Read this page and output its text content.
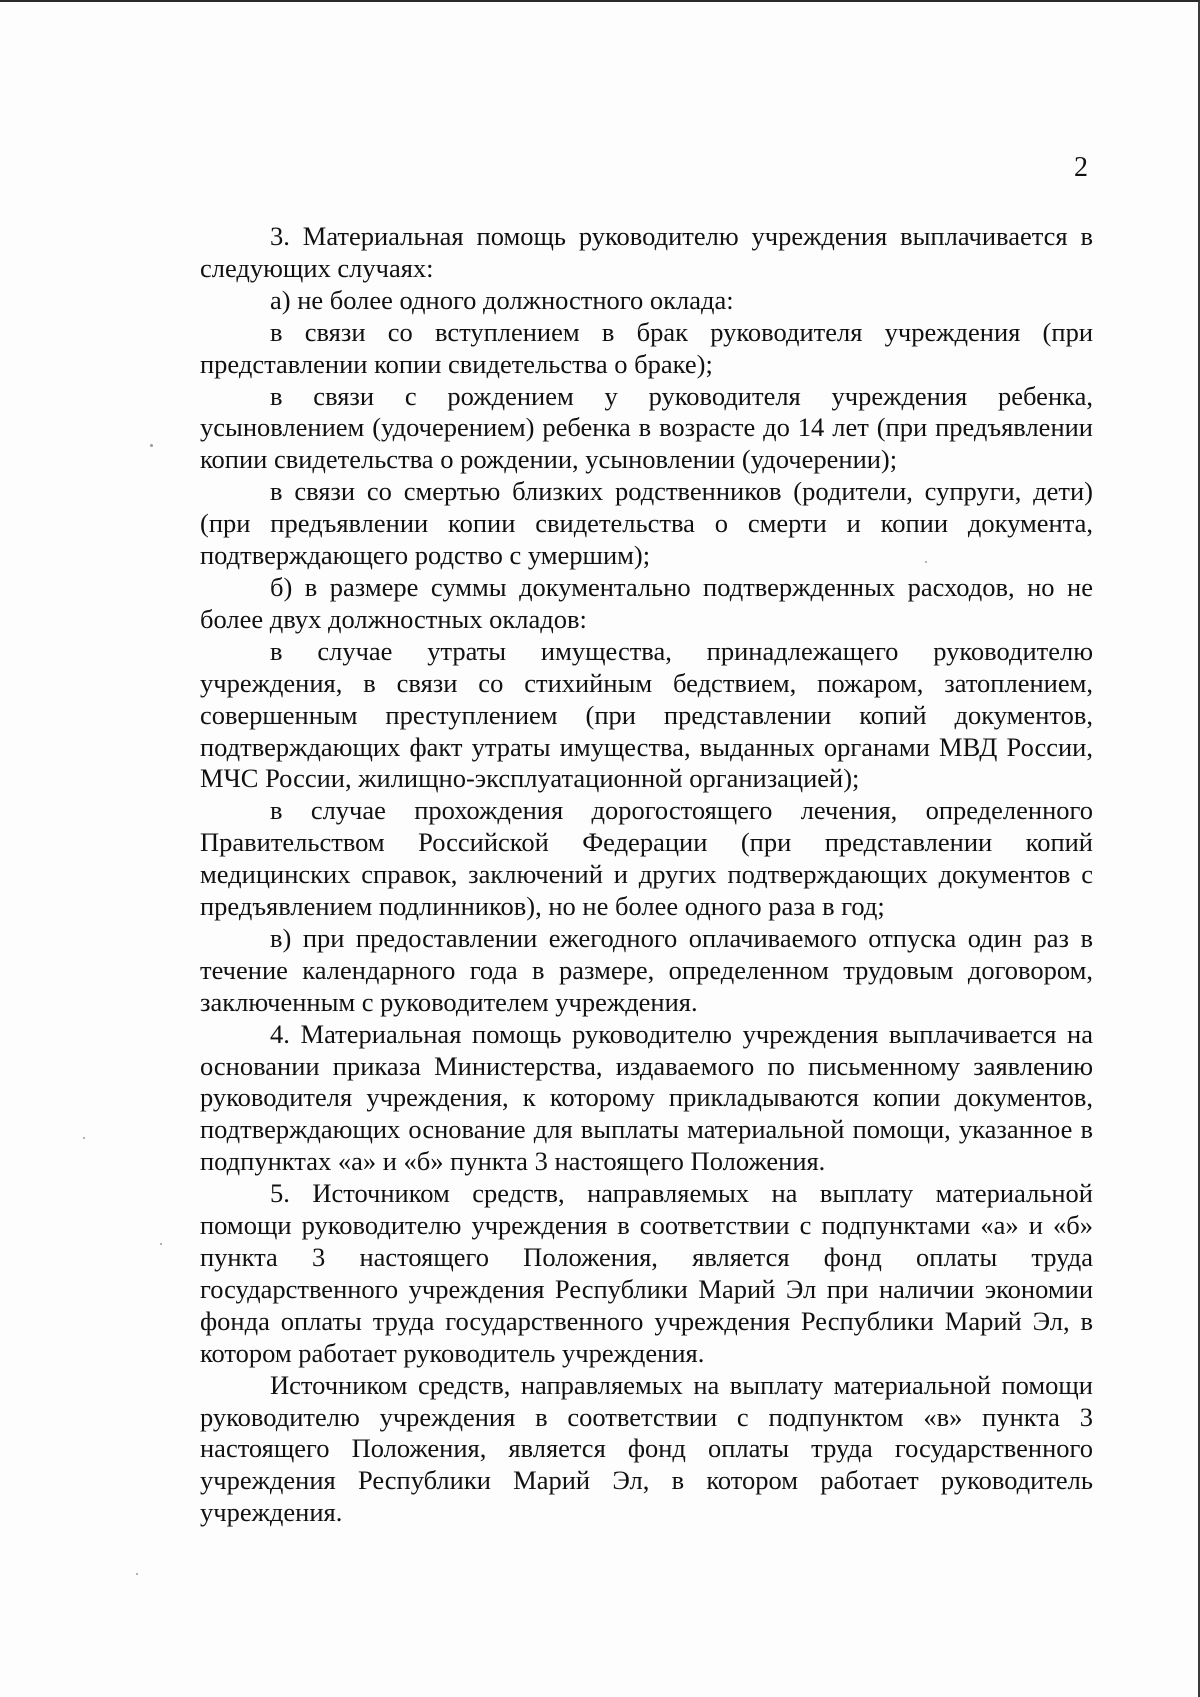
2

3. Материальная помощь руководителю учреждения выплачивается в следующих случаях:

а) не более одного должностного оклада:

в связи со вступлением в брак руководителя учреждения (при представлении копии свидетельства о браке);

в связи с рождением у руководителя учреждения ребенка, усыновлением (удочерением) ребенка в возрасте до 14 лет (при предъявлении копии свидетельства о рождении, усыновлении (удочерении);

в связи со смертью близких родственников (родители, супруги, дети) (при предъявлении копии свидетельства о смерти и копии документа, подтверждающего родство с умершим);

б) в размере суммы документально подтвержденных расходов, но не более двух должностных окладов:

в случае утраты имущества, принадлежащего руководителю учреждения, в связи со стихийным бедствием, пожаром, затоплением, совершенным преступлением (при представлении копий документов, подтверждающих факт утраты имущества, выданных органами МВД России, МЧС России, жилищно-эксплуатационной организацией);

в случае прохождения дорогостоящего лечения, определенного Правительством Российской Федерации (при представлении копий медицинских справок, заключений и других подтверждающих документов с предъявлением подлинников), но не более одного раза в год;

в) при предоставлении ежегодного оплачиваемого отпуска один раз в течение календарного года в размере, определенном трудовым договором, заключенным с руководителем учреждения.

4. Материальная помощь руководителю учреждения выплачивается на основании приказа Министерства, издаваемого по письменному заявлению руководителя учреждения, к которому прикладываются копии документов, подтверждающих основание для выплаты материальной помощи, указанное в подпунктах «а» и «б» пункта 3 настоящего Положения.

5. Источником средств, направляемых на выплату материальной помощи руководителю учреждения в соответствии с подпунктами «а» и «б» пункта 3 настоящего Положения, является фонд оплаты труда государственного учреждения Республики Марий Эл при наличии экономии фонда оплаты труда государственного учреждения Республики Марий Эл, в котором работает руководитель учреждения.

Источником средств, направляемых на выплату материальной помощи руководителю учреждения в соответствии с подпунктом «в» пункта 3 настоящего Положения, является фонд оплаты труда государственного учреждения Республики Марий Эл, в котором работает руководитель учреждения.
